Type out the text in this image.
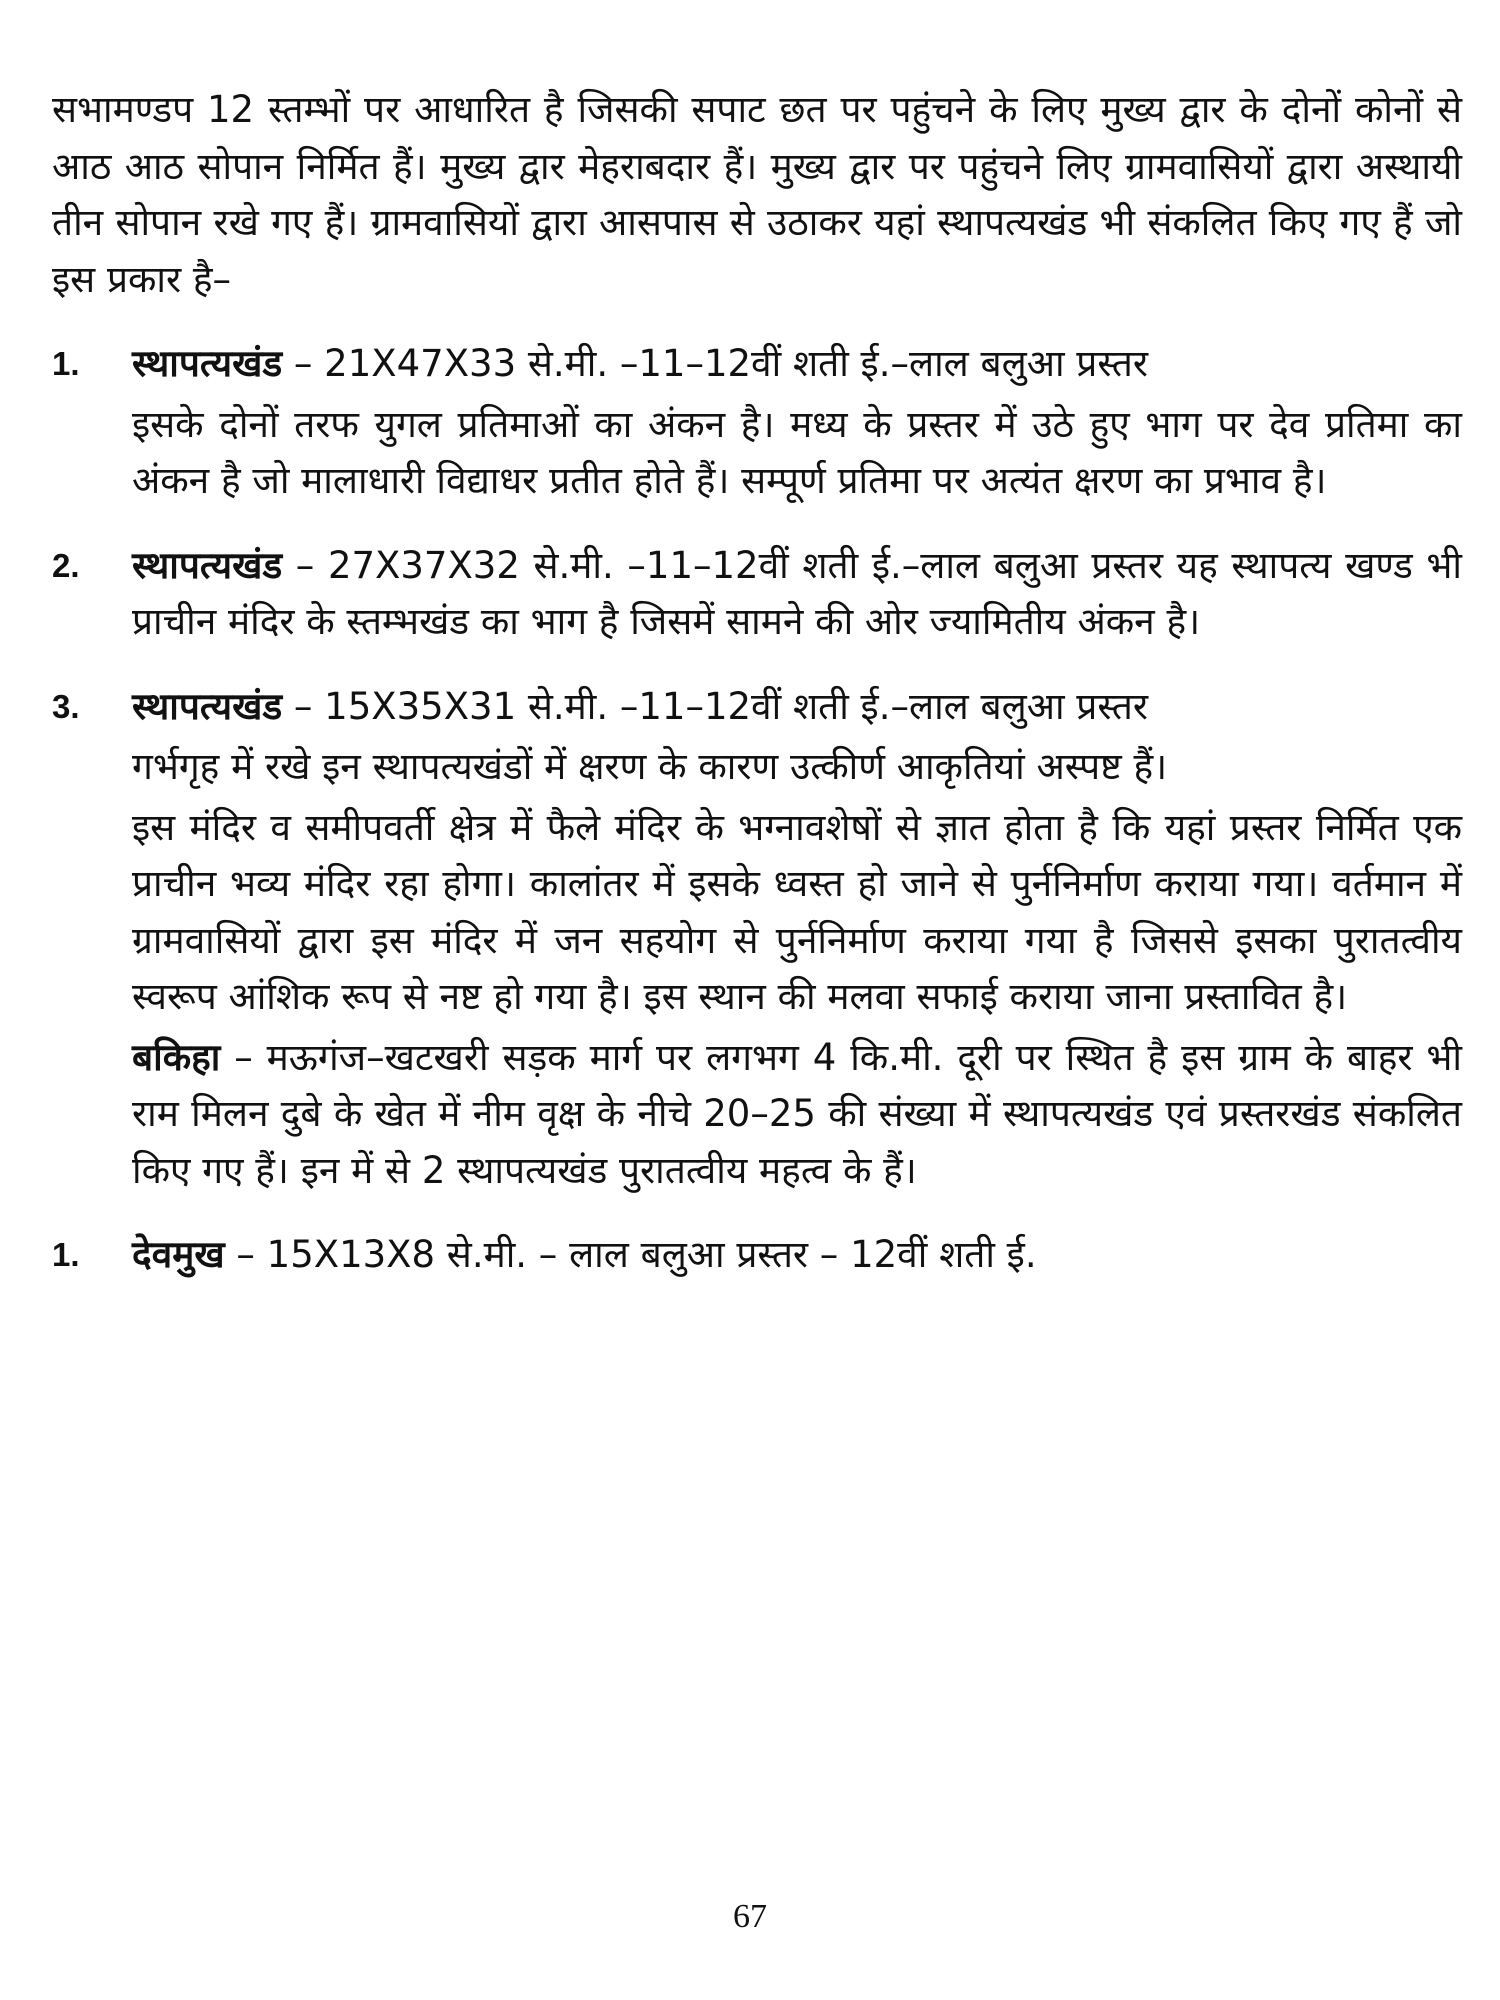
सभामण्डप 12 स्तम्भों पर आधारित है जिसकी सपाट छत पर पहुंचने के लिए मुख्य द्वार के दोनों कोनों से आठ आठ सोपान निर्मित हैं। मुख्य द्वार मेहराबदार हैं। मुख्य द्वार पर पहुंचने लिए ग्रामवासियों द्वारा अस्थायी तीन सोपान रखे गए हैं। ग्रामवासियों द्वारा आसपास से उठाकर यहां स्थापत्यखंड भी संकलित किए गए हैं जो इस प्रकार है–

1. स्थापत्यखंड – 21X47X33 से.मी. –11–12वीं शती ई.–लाल बलुआ प्रस्तर

इसके दोनों तरफ युगल प्रतिमाओं का अंकन है। मध्य के प्रस्तर में उठे हुए भाग पर देव प्रतिमा का अंकन है जो मालाधारी विद्याधर प्रतीत होते हैं। सम्पूर्ण प्रतिमा पर अत्यंत क्षरण का प्रभाव है।

2. स्थापत्यखंड – 27X37X32 से.मी. –11–12वीं शती ई.–लाल बलुआ प्रस्तर यह स्थापत्य खण्ड भी प्राचीन मंदिर के स्तम्भखंड का भाग है जिसमें सामने की ओर ज्यामितीय अंकन है।

3. स्थापत्यखंड – 15X35X31 से.मी. –11–12वीं शती ई.–लाल बलुआ प्रस्तर

गर्भगृह में रखे इन स्थापत्यखंडों में क्षरण के कारण उत्कीर्ण आकृतियां अस्पष्ट हैं।

इस मंदिर व समीपवर्ती क्षेत्र में फैले मंदिर के भग्नावशेषों से ज्ञात होता है कि यहां प्रस्तर निर्मित एक प्राचीन भव्य मंदिर रहा होगा। कालांतर में इसके ध्वस्त हो जाने से पुर्ननिर्माण कराया गया। वर्तमान में ग्रामवासियों द्वारा इस मंदिर में जन सहयोग से पुर्ननिर्माण कराया गया है जिससे इसका पुरातत्वीय स्वरूप आंशिक रूप से नष्ट हो गया है। इस स्थान की मलवा सफाई कराया जाना प्रस्तावित है।

बकिहा – मऊगंज–खटखरी सड़क मार्ग पर लगभग 4 कि.मी. दूरी पर स्थित है इस ग्राम के बाहर भी राम मिलन दुबे के खेत में नीम वृक्ष के नीचे 20–25 की संख्या में स्थापत्यखंड एवं प्रस्तरखंड संकलित किए गए हैं। इन में से 2 स्थापत्यखंड पुरातत्वीय महत्व के हैं।

1. देवमुख – 15X13X8 से.मी. – लाल बलुआ प्रस्तर – 12वीं शती ई.

67
